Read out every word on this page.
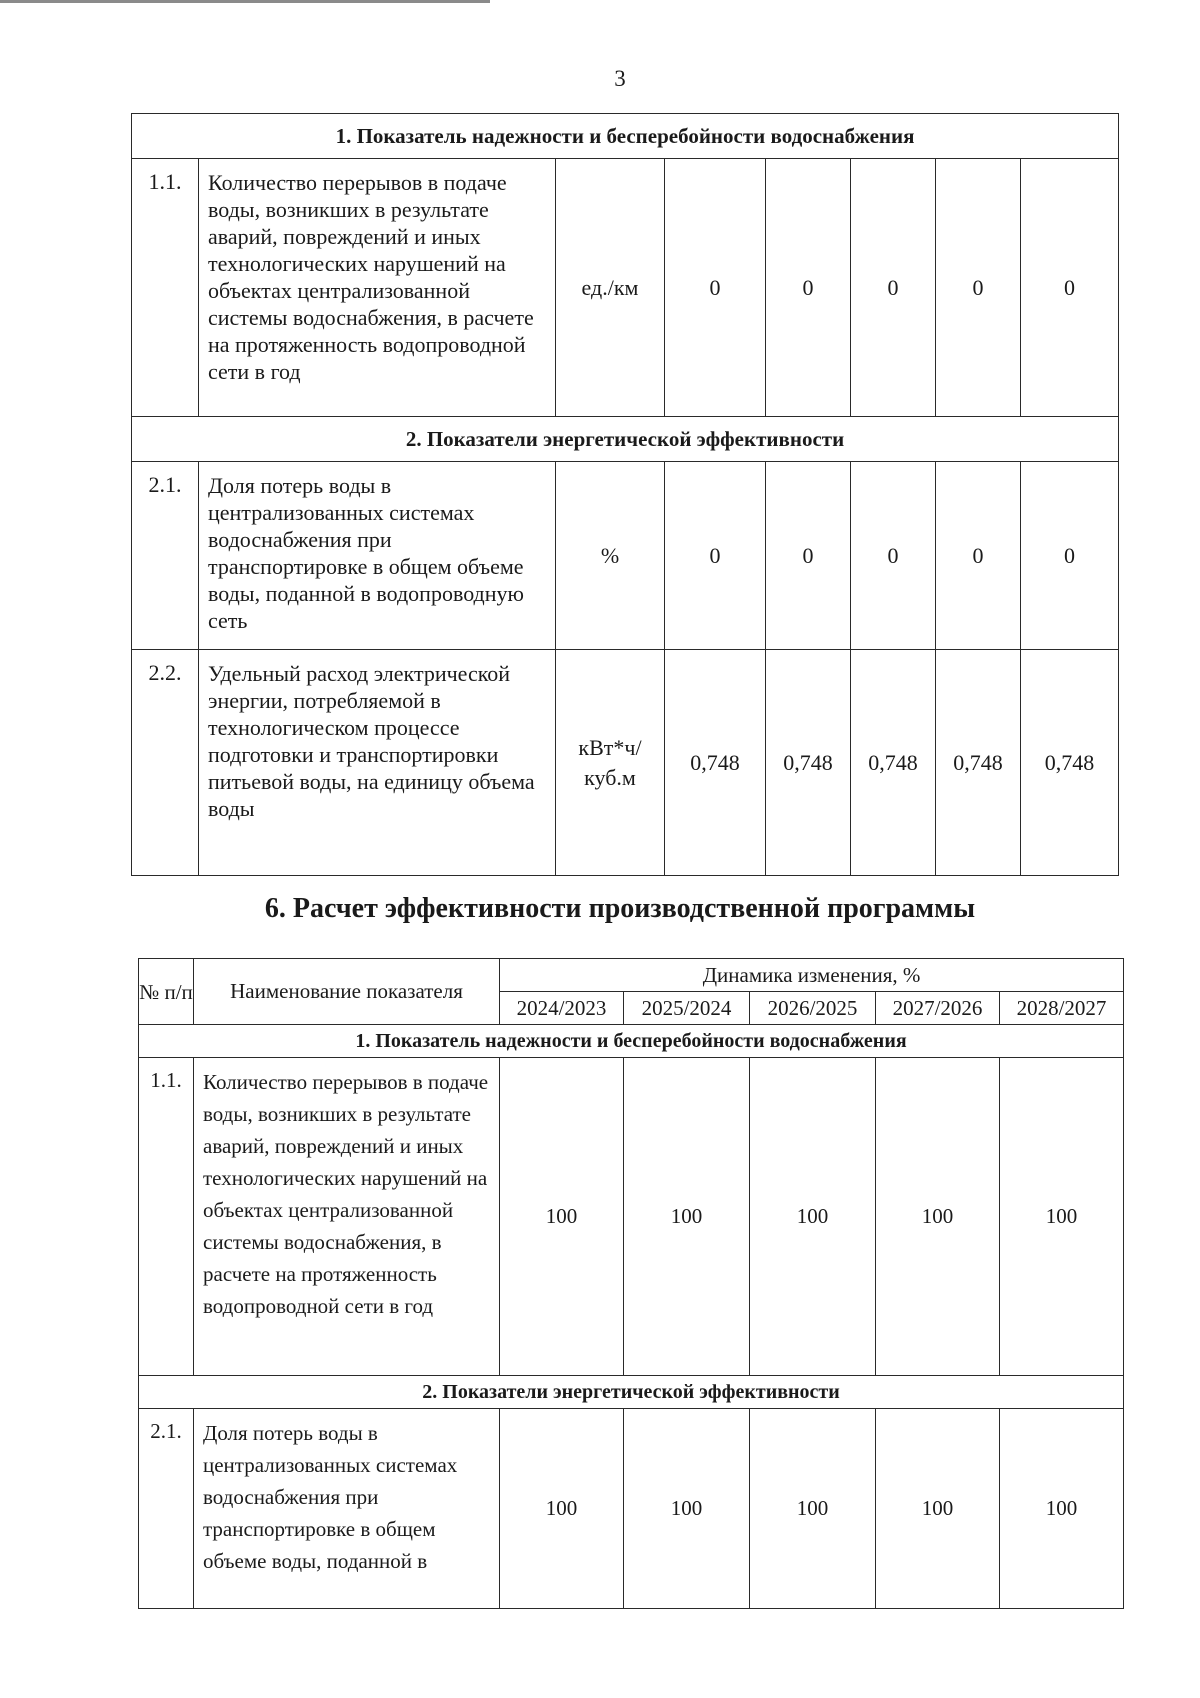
3
1. Показатель надежности и бесперебойности водоснабжения							
1.1.	Количество перерывов в подаче воды, возникших в результате аварий, повреждений и иных технологических нарушений на объектах централизованной системы водоснабжения, в расчете на протяженность водопроводной сети в год	ед./км	0	0	0	0	0
2. Показатели энергетической эффективности							
2.1.	Доля потерь воды в централизованных системах водоснабжения при транспортировке в общем объеме воды, поданной в водопроводную сеть	%	0	0	0	0	0
2.2.	Удельный расход электрической энергии, потребляемой в технологическом процессе подготовки и транспортировки питьевой воды, на единицу объема воды	кВт*ч/ куб.м	0,748	0,748	0,748	0,748	0,748
6. Расчет эффективности производственной программы
№ п/п	Наименование показателя	Динамика изменения, %				
		2024/2023	2025/2024	2026/2025	2027/2026	2028/2027
1. Показатель надежности и бесперебойности водоснабжения						
1.1.	Количество перерывов в подаче воды, возникших в результате аварий, повреждений и иных технологических нарушений на объектах централизованной системы водоснабжения, в расчете на протяженность водопроводной сети в год	100	100	100	100	100
2. Показатели энергетической эффективности						
2.1.	Доля потерь воды в централизованных системах водоснабжения при транспортировке в общем объеме воды, поданной в	100	100	100	100	100
